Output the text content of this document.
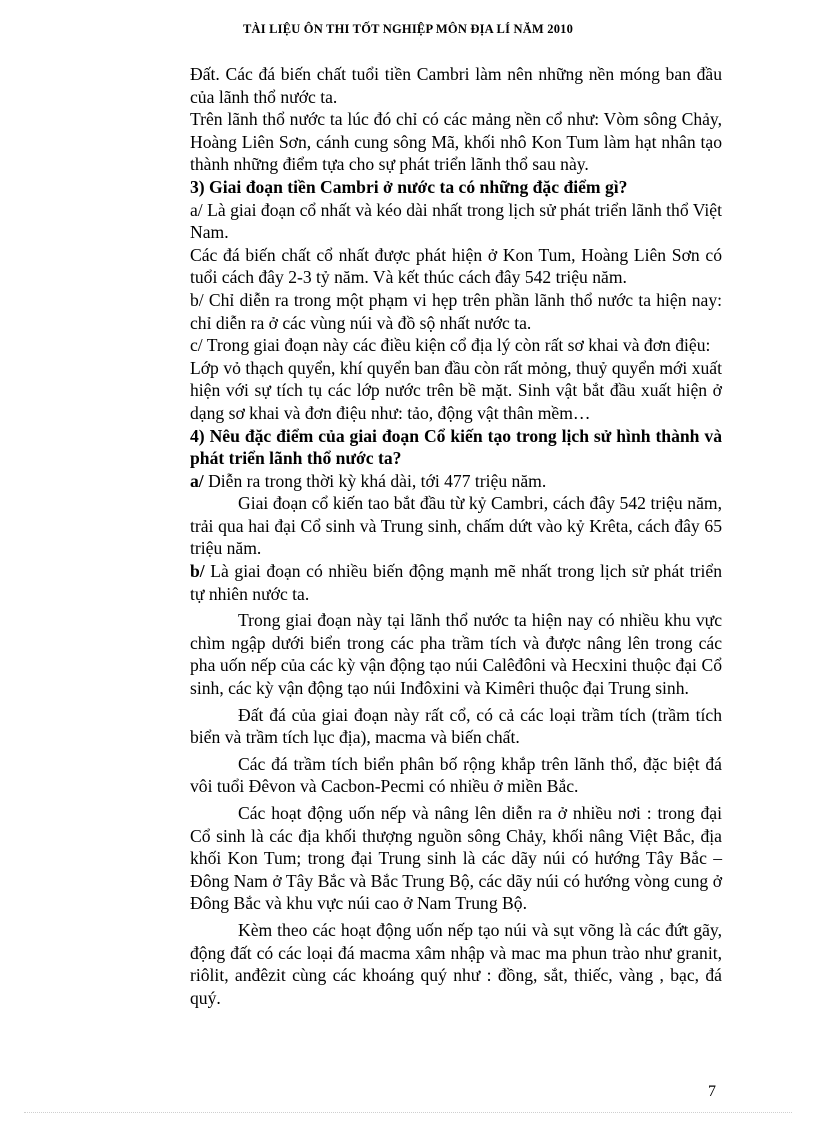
TÀI LIỆU ÔN THI TỐT NGHIỆP MÔN ĐỊA LÍ NĂM 2010

Đất. Các đá biến chất tuổi tiền Cambri làm nên những nền móng ban đầu của lãnh thổ nước ta.

Trên lãnh thổ nước ta lúc đó chỉ có các mảng nền cổ như: Vòm sông Chảy, Hoàng Liên Sơn, cánh cung sông Mã, khối nhô Kon Tum làm hạt nhân tạo thành những điểm tựa cho sự phát triển lãnh thổ sau này.

3) Giai đoạn tiền Cambri ở nước ta có những đặc điểm gì?

a/ Là giai đoạn cổ nhất và kéo dài nhất trong lịch sử phát triển lãnh thổ Việt Nam.

Các đá biến chất cổ nhất được phát hiện ở Kon Tum, Hoàng Liên Sơn có tuổi cách đây 2-3 tỷ năm. Và kết thúc cách đây 542 triệu năm.

b/ Chỉ diễn ra trong một phạm vi hẹp trên phần lãnh thổ nước ta hiện nay: chỉ diễn ra ở các vùng núi và đồ sộ nhất nước ta.

c/ Trong giai đoạn này các điều kiện cổ địa lý còn rất sơ khai và đơn điệu:

Lớp vỏ thạch quyển, khí quyển ban đầu còn rất mỏng, thuỷ quyển mới xuất hiện với sự tích tụ các lớp nước trên bề mặt. Sinh vật bắt đầu xuất hiện ở dạng sơ khai và đơn điệu như: tảo, động vật thân mềm…

4) Nêu đặc điểm của giai đoạn Cổ kiến tạo trong lịch sử hình thành và phát triển lãnh thổ nước ta?

a/ Diễn ra trong thời kỳ khá dài, tới 477 triệu năm.

Giai đoạn cổ kiến tao bắt đầu từ kỷ Cambri, cách đây 542 triệu năm, trải qua hai đại Cổ sinh và Trung sinh, chấm dứt vào kỷ Krêta, cách đây 65 triệu năm.

b/ Là giai đoạn có nhiều biến động mạnh mẽ nhất trong lịch sử phát triển tự nhiên nước ta.

Trong giai đoạn này tại lãnh thổ nước ta hiện nay có nhiều khu vực chìm ngập dưới biển trong các pha trầm tích và được nâng lên trong các pha uốn nếp của các kỳ vận động tạo núi Calêđôni và Hecxini thuộc đại Cổ sinh, các kỳ vận động tạo núi Inđôxini và Kimêri thuộc đại Trung sinh.

Đất đá của giai đoạn này rất cổ, có cả các loại trầm tích (trầm tích biển và trầm tích lục địa), macma và biến chất.

Các đá trầm tích biển phân bố rộng khắp trên lãnh thổ, đặc biệt đá vôi tuổi Đêvon và Cacbon-Pecmi có nhiều ở miền Bắc.

Các hoạt động uốn nếp và nâng lên diễn ra ở nhiều nơi : trong đại Cổ sinh là các địa khối thượng nguồn sông Chảy, khối nâng Việt Bắc, địa khối Kon Tum; trong đại Trung sinh là các dãy núi có hướng Tây Bắc – Đông Nam ở Tây Bắc và Bắc Trung Bộ, các dãy núi có hướng vòng cung ở Đông Bắc và khu vực núi cao ở Nam Trung Bộ.

Kèm theo các hoạt động uốn nếp tạo núi và sụt võng là các đứt gãy, động đất có các loại đá macma xâm nhập và mac ma phun trào như granit, riôlit, anđêzit cùng các khoáng quý như : đồng, sắt, thiếc, vàng , bạc, đá quý.

7
